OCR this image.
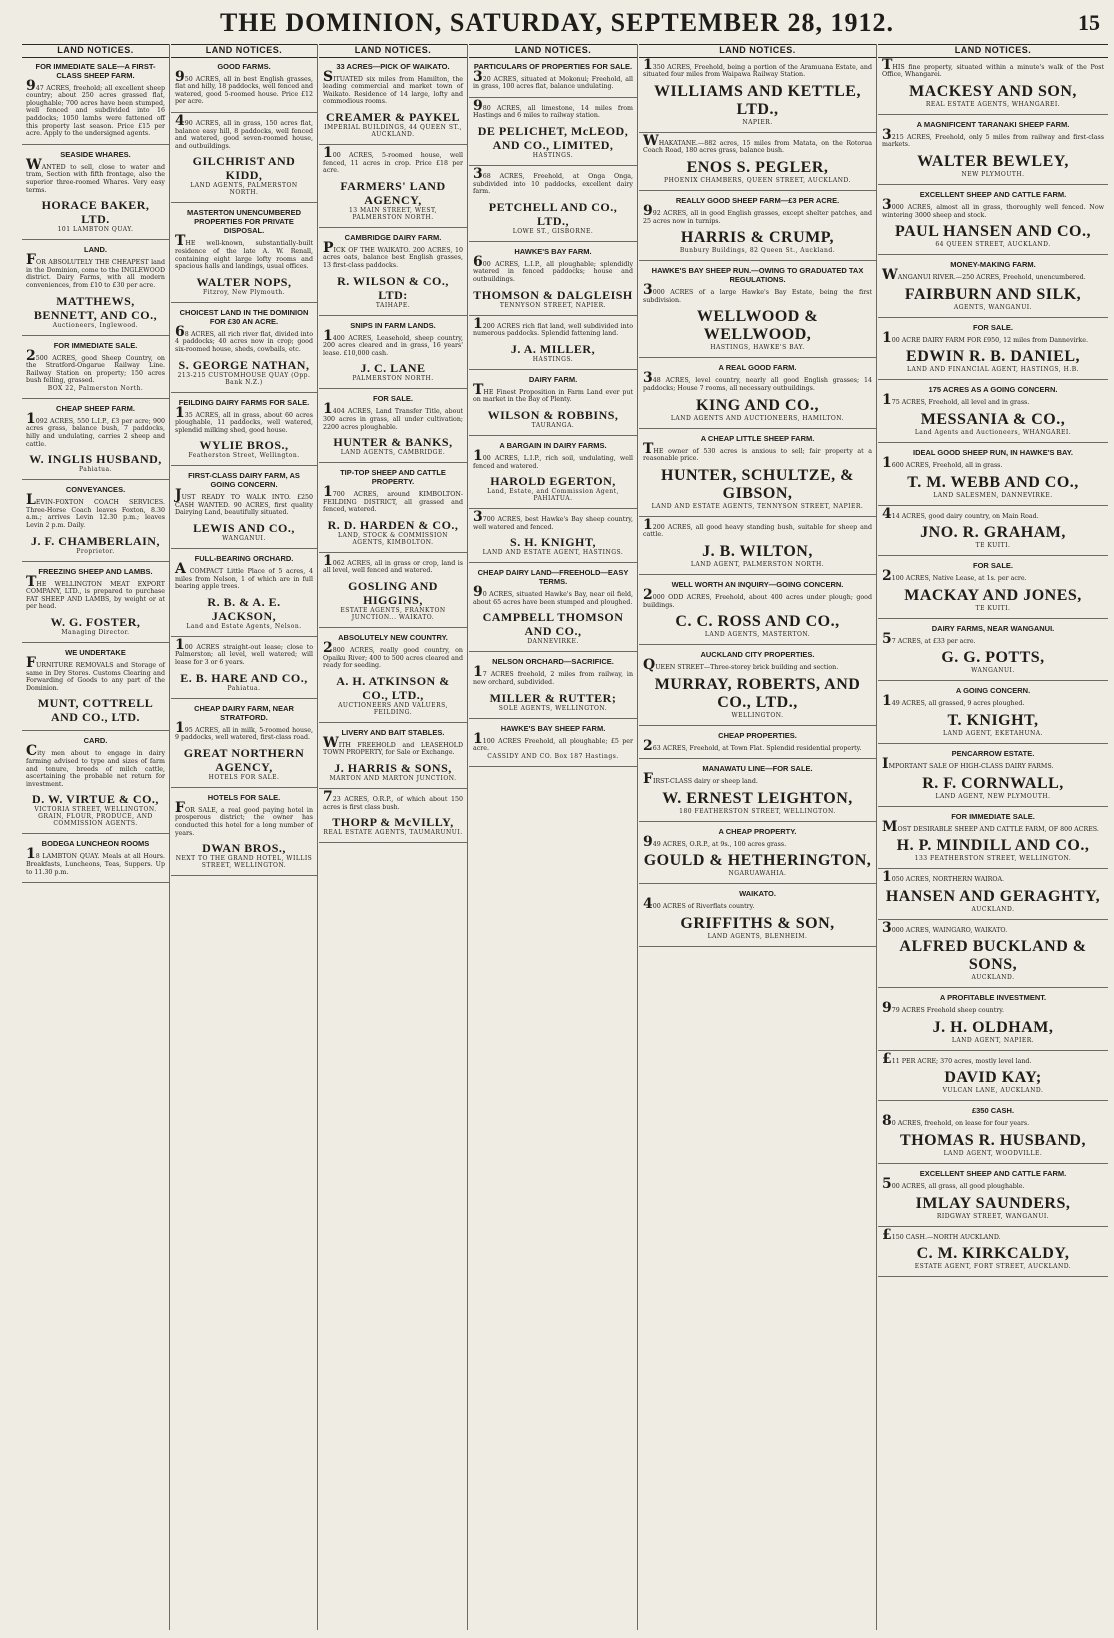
THE DOMINION, SATURDAY, SEPTEMBER 28, 1912.	15
LAND NOTICES.
FOR IMMEDIATE SALE—A FIRST-CLASS SHEEP FARM.
947 ACRES, freehold; all excellent sheep country; about 250 acres grassed flat, ploughable; 700 acres have been stumped, well fenced and subdivided into 16 paddocks; 1050 lambs were fattened off this property last season. Price £15 per acre. Apply to the undersigned agents.
SEASIDE WHARES.
WANTED to sell, close to water and tram, Section with fifth frontage, also the superior three-roomed Whares. Very easy terms.
HORACE BAKER, LTD.
101 LAMBTON QUAY.
LAND.
FOR ABSOLUTELY THE CHEAPEST land in the Dominion, come to the INGLEWOOD district. Dairy Farms, with all modern conveniences, from £10 to £30 per acre.
MATTHEWS, BENNETT, AND CO.,
Auctioneers, Inglewood.
FOR IMMEDIATE SALE.
2500 ACRES, good Sheep Country, on the Stratford-Ongarue Railway Line. Railway Station on property; 150 acres bush felling, grassed.
BOX 22, Palmerston North.
CHEAP SHEEP FARM.
1092 ACRES, 550 L.I.P., £3 per acre; 900 acres grass, balance bush, 7 paddocks, hilly and undulating, carries 2 sheep and cattle.
W. INGLIS HUSBAND,
Pahiatua.
CONVEYANCES.
LEVIN-FOXTON COACH SERVICES. Three-Horse Coach leaves Foxton, 8.30 a.m.; arrives Levin 12.30 p.m.; leaves Levin 2 p.m. Daily.
J. F. CHAMBERLAIN,
Proprietor.
FREEZING SHEEP AND LAMBS.
THE WELLINGTON MEAT EXPORT COMPANY, LTD., is prepared to purchase FAT SHEEP AND LAMBS, by weight or at per head.
W. G. FOSTER,
Managing Director.
WE UNDERTAKE
FURNITURE REMOVALS and Storage of same in Dry Stores. Customs Clearing and Forwarding of Goods to any part of the Dominion.
MUNT, COTTRELL AND CO., LTD.
CARD.
City men about to engage in dairy farming advised to type and sizes of farm and tenure, breeds of milch cattle, ascertaining the probable net return for investment.
D. W. VIRTUE & CO.,
VICTORIA STREET, WELLINGTON. GRAIN, FLOUR, PRODUCE, AND COMMISSION AGENTS.
BODEGA LUNCHEON ROOMS
18 LAMBTON QUAY. Meals at all Hours. Breakfasts, Luncheons, Teas, Suppers. Up to 11.30 p.m.
LAND NOTICES.
GOOD FARMS.
950 ACRES, all in best English grasses, flat and hilly, 18 paddocks, well fenced and watered, good 5-roomed house. Price £12 per acre.
490 ACRES, all in grass, 150 acres flat, balance easy hill, 8 paddocks, well fenced and watered, good seven-roomed house, and outbuildings.
GILCHRIST AND KIDD,
LAND AGENTS, PALMERSTON NORTH.
MASTERTON UNENCUMBERED PROPERTIES FOR PRIVATE DISPOSAL.
THE well-known, substantially-built residence of the late A. W. Renall, containing eight large lofty rooms and spacious halls and landings, usual offices.
WALTER NOPS,
Fitzroy, New Plymouth.
CHOICEST LAND IN THE DOMINION FOR £30 AN ACRE.
68 ACRES, all rich river flat, divided into 4 paddocks; 40 acres now in crop; good six-roomed house, sheds, cowbails, etc.
S. GEORGE NATHAN,
213-215 CUSTOMHOUSE QUAY (Opp. Bank N.Z.)
FEILDING DAIRY FARMS FOR SALE.
135 ACRES, all in grass, about 60 acres ploughable, 11 paddocks, well watered, splendid milking shed, good house.
WYLIE BROS.,
Featherston Street, Wellington.
FIRST-CLASS DAIRY FARM, AS GOING CONCERN.
JUST READY TO WALK INTO. £250 CASH WANTED. 90 ACRES, first quality Dairying Land, beautifully situated.
LEWIS AND CO.,
WANGANUI.
FULL-BEARING ORCHARD.
A COMPACT Little Place of 5 acres, 4 miles from Nelson, 1 of which are in full bearing apple trees.
R. B. & A. E. JACKSON,
Land and Estate Agents, Nelson.
100 ACRES straight-out lease; close to Palmerston; all level, well watered; will lease for 3 or 6 years.
E. B. HARE AND CO.,
Pahiatua.
CHEAP DAIRY FARM, NEAR STRATFORD.
195 ACRES, all in milk, 5-roomed house, 9 paddocks, well watered, first-class road.
GREAT NORTHERN AGENCY,
HOTELS FOR SALE.
HOTELS FOR SALE.
FOR SALE, a real good paying hotel in prosperous district; the owner has conducted this hotel for a long number of years.
DWAN BROS.,
NEXT TO THE GRAND HOTEL, WILLIS STREET, WELLINGTON.
LAND NOTICES.
33 ACRES—PICK OF WAIKATO.
SITUATED six miles from Hamilton, the leading commercial and market town of Waikato. Residence of 14 large, lofty and commodious rooms.
CREAMER & PAYKEL
IMPERIAL BUILDINGS, 44 QUEEN ST., AUCKLAND.
100 ACRES, 5-roomed house, well fenced, 11 acres in crop. Price £18 per acre.
FARMERS' LAND AGENCY,
13 MAIN STREET, WEST, PALMERSTON NORTH.
CAMBRIDGE DAIRY FARM.
PICK OF THE WAIKATO. 200 ACRES, 10 acres oats, balance best English grasses, 13 first-class paddocks.
R. WILSON & CO., LTD:
TAIHAPE.
SNIPS IN FARM LANDS.
1400 ACRES, Leasehold, sheep country, 200 acres cleared and in grass, 16 years' lease. £10,000 cash.
J. C. LANE
PALMERSTON NORTH.
FOR SALE.
1404 ACRES, Land Transfer Title, about 300 acres in grass, all under cultivation; 2200 acres ploughable.
HUNTER & BANKS,
LAND AGENTS, CAMBRIDGE.
TIP-TOP SHEEP AND CATTLE PROPERTY.
1700 ACRES, around KIMBOLTON-FEILDING DISTRICT, all grassed and fenced, watered.
R. D. HARDEN & CO.,
LAND, STOCK & COMMISSION AGENTS, KIMBOLTON.
1062 ACRES, all in grass or crop, land is all level, well fenced and watered.
GOSLING AND HIGGINS,
ESTATE AGENTS, FRANKTON JUNCTION... WAIKATO.
ABSOLUTELY NEW COUNTRY.
2800 ACRES, really good country, on Opaiku River; 400 to 500 acres cleared and ready for seeding.
A. H. ATKINSON & CO., LTD.,
AUCTIONEERS AND VALUERS, FEILDING.
LIVERY AND BAIT STABLES.
WITH FREEHOLD and LEASEHOLD TOWN PROPERTY, for Sale or Exchange.
J. HARRIS & SONS,
MARTON AND MARTON JUNCTION.
723 ACRES, O.R.P., of which about 150 acres is first class bush.
THORP & McVILLY,
REAL ESTATE AGENTS, TAUMARUNUI.
LAND NOTICES.
PARTICULARS OF PROPERTIES FOR SALE.
320 ACRES, situated at Mokonui; Freehold, all in grass, 100 acres flat, balance undulating.
980 ACRES, all limestone, 14 miles from Hastings and 6 miles to railway station.
DE PELICHET, McLEOD, AND CO., LIMITED,
HASTINGS.
368 ACRES, Freehold, at Onga Onga, subdivided into 10 paddocks, excellent dairy farm.
PETCHELL AND CO., LTD.,
LOWE ST., GISBORNE.
HAWKE'S BAY FARM.
600 ACRES, L.I.P., all ploughable; splendidly watered in fenced paddocks; house and outbuildings.
THOMSON & DALGLEISH
TENNYSON STREET, NAPIER.
1200 ACRES rich flat land, well subdivided into numerous paddocks. Splendid fattening land.
J. A. MILLER,
HASTINGS.
DAIRY FARM.
THE Finest Proposition in Farm Land ever put on market in the Bay of Plenty.
WILSON & ROBBINS,
TAURANGA.
A BARGAIN IN DAIRY FARMS.
100 ACRES, L.I.P., rich soil, undulating, well fenced and watered.
HAROLD EGERTON,
Land, Estate, and Commission Agent, PAHIATUA.
3700 ACRES, best Hawke's Bay sheep country, well watered and fenced.
S. H. KNIGHT,
LAND AND ESTATE AGENT, HASTINGS.
CHEAP DAIRY LAND—FREEHOLD—EASY TERMS.
90 ACRES, situated Hawke's Bay, near oil field, about 65 acres have been stumped and ploughed.
CAMPBELL THOMSON AND CO.,
DANNEVIRKE.
NELSON ORCHARD—SACRIFICE.
17 ACRES freehold, 2 miles from railway, in new orchard, subdivided.
MILLER & RUTTER;
SOLE AGENTS, WELLINGTON.
HAWKE'S BAY SHEEP FARM.
1100 ACRES Freehold, all ploughable; £5 per acre.
CASSIDY AND CO. Box 187 Hastings.
LAND NOTICES.
1350 ACRES, Freehold, being a portion of the Aramuana Estate, and situated four miles from Waipawa Railway Station.
WILLIAMS AND KETTLE, LTD.,
NAPIER.
WHAKATANE.—882 acres, 15 miles from Matata, on the Rotorua Coach Road, 180 acres grass, balance bush.
ENOS S. PEGLER,
PHOENIX CHAMBERS, QUEEN STREET, AUCKLAND.
REALLY GOOD SHEEP FARM—£3 PER ACRE.
992 ACRES, all in good English grasses, except shelter patches, and 25 acres now in turnips.
HARRIS & CRUMP,
Bunbury Buildings, 82 Queen St., Auckland.
HAWKE'S BAY SHEEP RUN.—OWING TO GRADUATED TAX REGULATIONS.
3000 ACRES of a large Hawke's Bay Estate, being the first subdivision.
WELLWOOD & WELLWOOD,
HASTINGS, HAWKE'S BAY.
A REAL GOOD FARM.
348 ACRES, level country, nearly all good English grasses; 14 paddocks; House 7 rooms, all necessary outbuildings.
KING AND CO.,
LAND AGENTS AND AUCTIONEERS, HAMILTON.
A CHEAP LITTLE SHEEP FARM.
THE owner of 530 acres is anxious to sell; fair property at a reasonable price.
HUNTER, SCHULTZE, & GIBSON,
LAND AND ESTATE AGENTS, TENNYSON STREET, NAPIER.
1200 ACRES, all good heavy standing bush, suitable for sheep and cattle.
J. B. WILTON,
LAND AGENT, PALMERSTON NORTH.
WELL WORTH AN INQUIRY—GOING CONCERN.
2000 ODD ACRES, Freehold, about 400 acres under plough; good buildings.
C. C. ROSS AND CO.,
LAND AGENTS, MASTERTON.
AUCKLAND CITY PROPERTIES.
QUEEN STREET—Three-storey brick building and section.
MURRAY, ROBERTS, AND CO., LTD.,
WELLINGTON.
CHEAP PROPERTIES.
263 ACRES, Freehold, at Town Flat. Splendid residential property.
MANAWATU LINE—FOR SALE.
FIRST-CLASS dairy or sheep land.
W. ERNEST LEIGHTON,
180 FEATHERSTON STREET, WELLINGTON.
A CHEAP PROPERTY.
949 ACRES, O.R.P., at 9s., 100 acres grass.
GOULD & HETHERINGTON,
NGARUAWAHIA.
WAIKATO.
400 ACRES of Riverflats country.
GRIFFITHS & SON,
LAND AGENTS, BLENHEIM.
LAND NOTICES.
THIS fine property, situated within a minute's walk of the Post Office, Whangarei.
MACKESY AND SON,
REAL ESTATE AGENTS, WHANGAREI.
A MAGNIFICENT TARANAKI SHEEP FARM.
3215 ACRES, Freehold, only 5 miles from railway and first-class markets.
WALTER BEWLEY,
NEW PLYMOUTH.
EXCELLENT SHEEP AND CATTLE FARM.
3000 ACRES, almost all in grass, thoroughly well fenced. Now wintering 3000 sheep and stock.
PAUL HANSEN AND CO.,
64 QUEEN STREET, AUCKLAND.
MONEY-MAKING FARM.
WANGANUI RIVER.—250 ACRES, Freehold, unencumbered.
FAIRBURN AND SILK,
AGENTS, WANGANUI.
FOR SALE.
100 ACRE DAIRY FARM FOR £950, 12 miles from Dannevirke.
EDWIN R. B. DANIEL,
LAND AND FINANCIAL AGENT, HASTINGS, H.B.
175 ACRES AS A GOING CONCERN.
175 ACRES, Freehold, all level and in grass.
MESSANIA & CO.,
Land Agents and Auctioneers, WHANGAREI.
IDEAL GOOD SHEEP RUN, IN HAWKE'S BAY.
1600 ACRES, Freehold, all in grass.
T. M. WEBB AND CO.,
LAND SALESMEN, DANNEVIRKE.
414 ACRES, good dairy country, on Main Road.
JNO. R. GRAHAM,
TE KUITI.
FOR SALE.
2100 ACRES, Native Lease, at 1s. per acre.
MACKAY AND JONES,
TE KUITI.
DAIRY FARMS, NEAR WANGANUI.
57 ACRES, at £33 per acre.
G. G. POTTS,
WANGANUI.
A GOING CONCERN.
149 ACRES, all grassed, 9 acres ploughed.
T. KNIGHT,
LAND AGENT, EKETAHUNA.
PENCARROW ESTATE.
IMPORTANT SALE OF HIGH-CLASS DAIRY FARMS.
R. F. CORNWALL,
LAND AGENT, NEW PLYMOUTH.
FOR IMMEDIATE SALE.
MOST DESIRABLE SHEEP AND CATTLE FARM, OF 800 ACRES.
H. P. MINDILL AND CO.,
133 FEATHERSTON STREET, WELLINGTON.
1050 ACRES, NORTHERN WAIROA.
HANSEN AND GERAGHTY,
AUCKLAND.
3000 ACRES, WAINGARO, WAIKATO.
ALFRED BUCKLAND & SONS,
AUCKLAND.
A PROFITABLE INVESTMENT.
979 ACRES Freehold sheep country.
J. H. OLDHAM,
LAND AGENT, NAPIER.
£11 PER ACRE; 370 acres, mostly level land.
DAVID KAY;
VULCAN LANE, AUCKLAND.
£350 CASH.
80 ACRES, freehold, on lease for four years.
THOMAS R. HUSBAND,
LAND AGENT, WOODVILLE.
EXCELLENT SHEEP AND CATTLE FARM.
500 ACRES, all grass, all good ploughable.
IMLAY SAUNDERS,
RIDGWAY STREET, WANGANUI.
£150 CASH.—NORTH AUCKLAND.
C. M. KIRKCALDY,
ESTATE AGENT, FORT STREET, AUCKLAND.
